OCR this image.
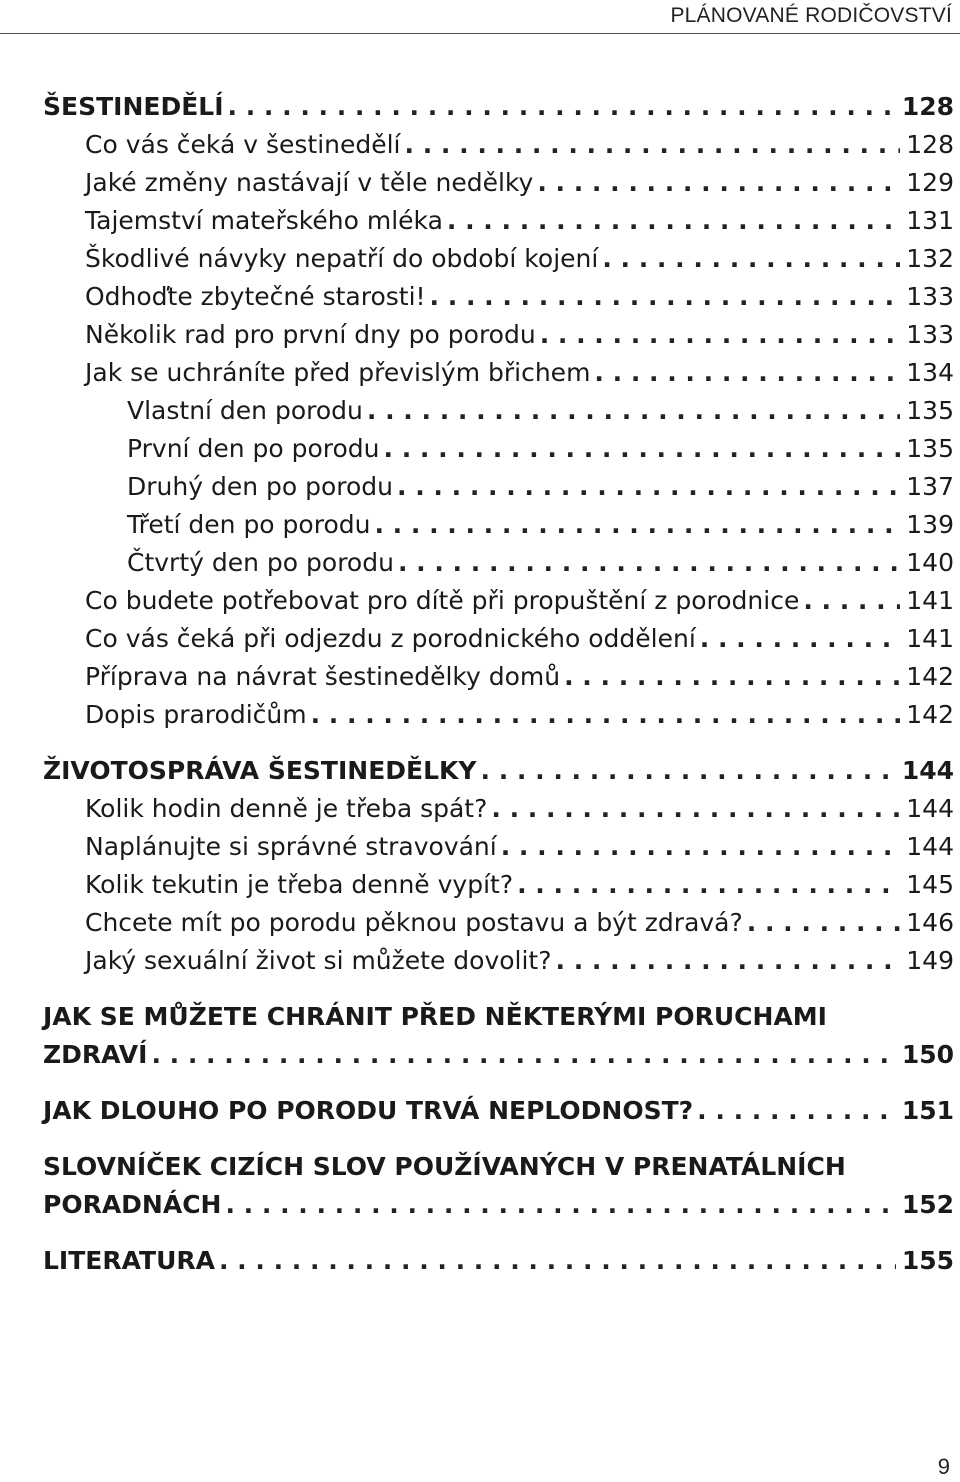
PLÁNOVANÉ RODIČOVSTVÍ
ŠESTINEDĚLÍ . . .	128
Co vás čeká v šestinedělí . . .	128
Jaké změny nastávají v těle nedělky . . .	129
Tajemství mateřského mléka . . .	131
Škodlivé návyky nepatří do období kojení . . .	132
Odhoďte zbytečné starosti! . . .	133
Několik rad pro první dny po porodu . . .	133
Jak se uchráníte před převislým břichem . . .	134
Vlastní den porodu . . .	135
První den po porodu . . .	135
Druhý den po porodu . . .	137
Třetí den po porodu . . .	139
Čtvrtý den po porodu . . .	140
Co budete potřebovat pro dítě při propuštění z porodnice . . .	141
Co vás čeká při odjezdu z porodnického oddělení . . .	141
Příprava na návrat šestinedělky domů . . .	142
Dopis prarodičům . . .	142
ŽIVOTOSPRÁVA ŠESTINEDĚLKY . . .	144
Kolik hodin denně je třeba spát? . . .	144
Naplánujte si správné stravování . . .	144
Kolik tekutin je třeba denně vypít? . . .	145
Chcete mít po porodu pěknou postavu a být zdravá? . . .	146
Jaký sexuální život si můžete dovolit? . . .	149
JAK SE MŮŽETE CHRÁNIT PŘED NĚKTERÝMI PORUCHAMI
ZDRAVÍ . . .	150
JAK DLOUHO PO PORODU TRVÁ NEPLODNOST? . . .	151
SLOVNÍČEK CIZÍCH SLOV POUŽÍVANÝCH V PRENATÁLNÍCH
PORADNÁCH . . .	152
LITERATURA . . .	155
9
